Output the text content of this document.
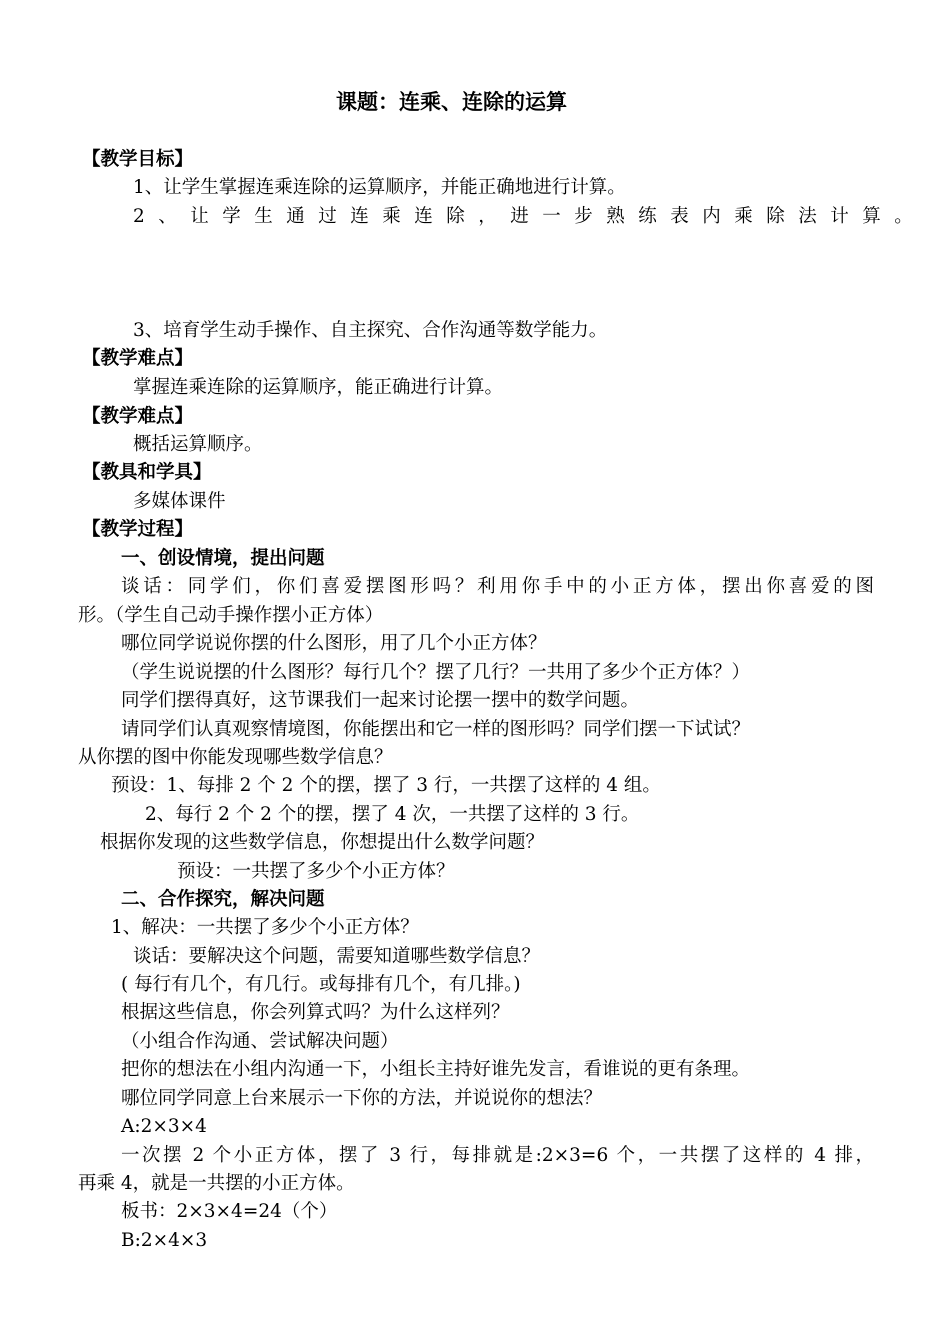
课题：连乘、连除的运算
【教学目标】
1、让学生掌握连乘连除的运算顺序，并能正确地进行计算。
2、让学生通过连乘连除，进一步熟练表内乘除法计算。
3、培育学生动手操作、自主探究、合作沟通等数学能力。
【教学难点】
掌握连乘连除的运算顺序，能正确进行计算。
【教学难点】
概括运算顺序。
【教具和学具】
多媒体课件
【教学过程】
一、创设情境，提出问题
谈话：同学们，你们喜爱摆图形吗？利用你手中的小正方体，摆出你喜爱的图
形。（学生自己动手操作摆小正方体）
哪位同学说说你摆的什么图形，用了几个小正方体？
（学生说说摆的什么图形？每行几个？摆了几行？一共用了多少个正方体？）
同学们摆得真好，这节课我们一起来讨论摆一摆中的数学问题。
请同学们认真观察情境图，你能摆出和它一样的图形吗？同学们摆一下试试？
从你摆的图中你能发现哪些数学信息？
预设：1、每排 2 个 2 个的摆，摆了 3 行，一共摆了这样的 4 组。
2、每行 2 个 2 个的摆，摆了 4 次，一共摆了这样的 3 行。
根据你发现的这些数学信息，你想提出什么数学问题？
预设：一共摆了多少个小正方体？
二、合作探究，解决问题
1、解决：一共摆了多少个小正方体？
谈话：要解决这个问题，需要知道哪些数学信息？
( 每行有几个，有几行。或每排有几个，有几排。)
根据这些信息，你会列算式吗？为什么这样列？
（小组合作沟通、尝试解决问题）
把你的想法在小组内沟通一下，小组长主持好谁先发言，看谁说的更有条理。
哪位同学同意上台来展示一下你的方法，并说说你的想法？
A:2×3×4
一次摆 2 个小正方体，摆了 3 行，每排就是:2×3=6 个，一共摆了这样的 4 排，
再乘 4，就是一共摆的小正方体。
板书：2×3×4=24（个）
B:2×4×3
